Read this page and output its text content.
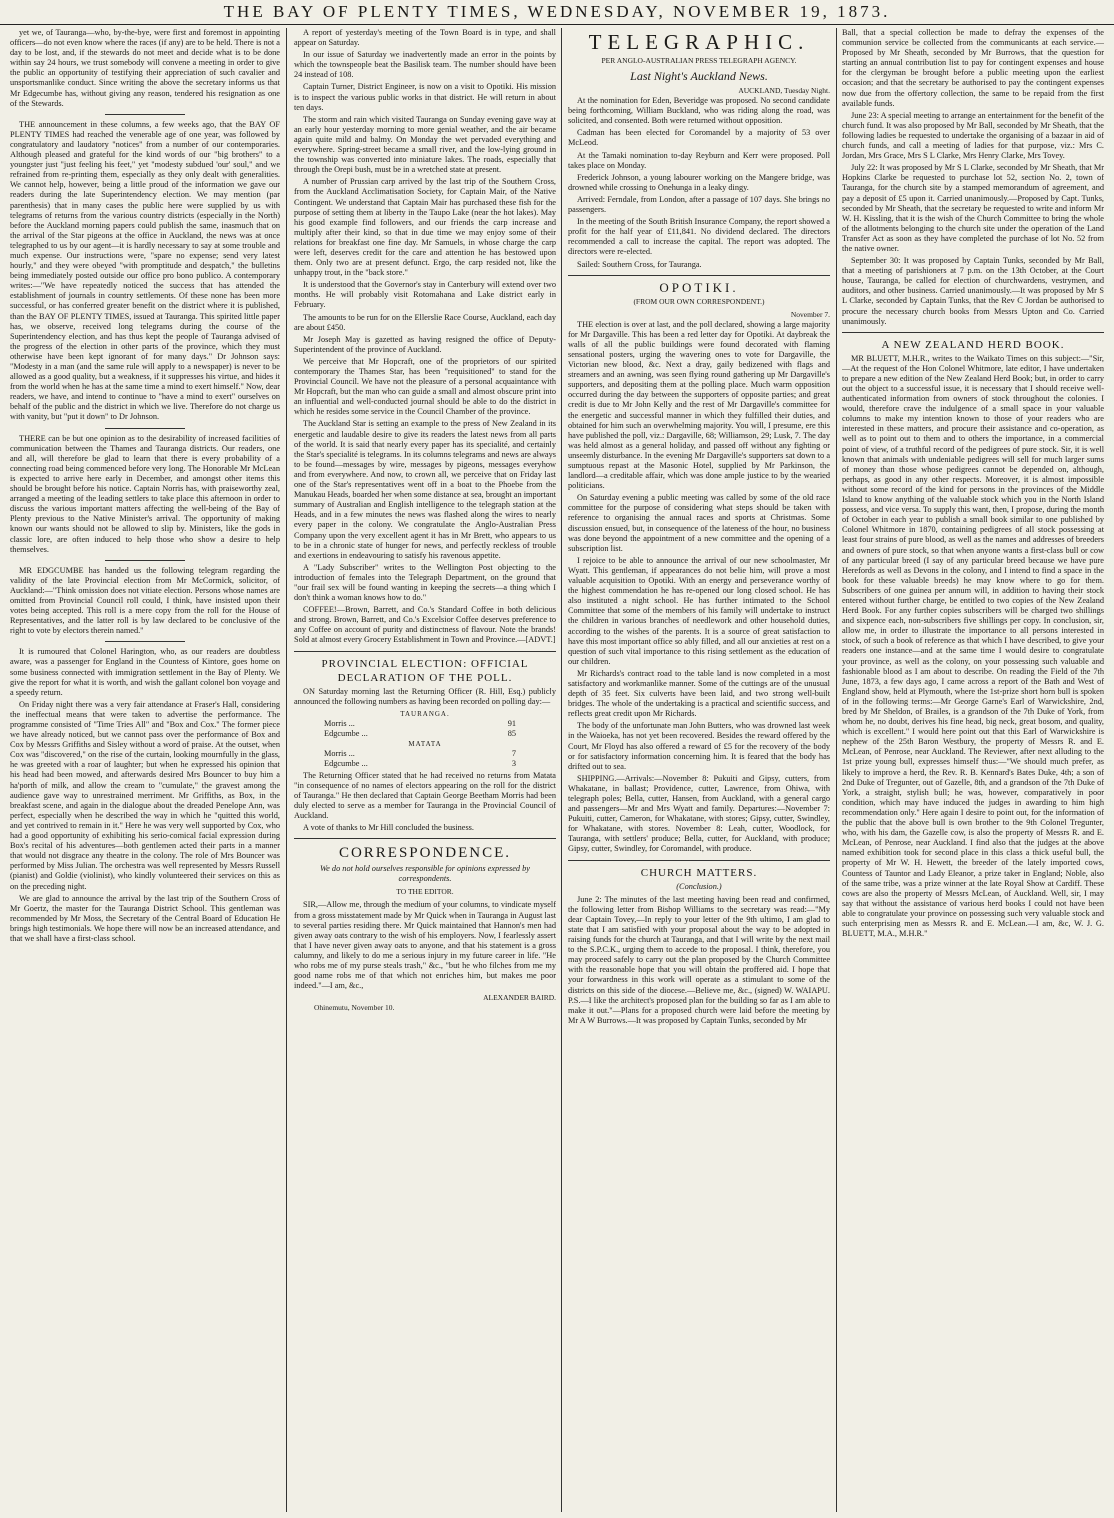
THE BAY OF PLENTY TIMES, WEDNESDAY, NOVEMBER 19, 1873.

yet we, of Tauranga—who, by-the-bye, were first and foremost in appointing officers—do not even know where the races (if any) are to be held. There is not a day to be lost, and, if the stewards do not meet and decide what is to be done within say 24 hours, we trust somebody will convene a meeting in order to give the public an opportunity of testifying their appreciation of such cavalier and unsportsmanlike conduct. Since writing the above the secretary informs us that Mr Edgecumbe has, without giving any reason, tendered his resignation as one of the Stewards.

THE announcement in these columns, a few weeks ago, that the BAY OF PLENTY TIMES had reached the venerable age of one year, was followed by congratulatory and laudatory "notices" from a number of our contemporaries. Although pleased and grateful for the kind words of our "big brothers" to a youngster just "just feeling his feet," yet "modesty subdued 'our' soul," and we refrained from re-printing them, especially as they only dealt with generalities. We cannot help, however, being a little proud of the information we gave our readers during the late Superintendency election. We may mention (par parenthesis) that in many cases the public here were supplied by us with telegrams of returns from the various country districts (especially in the North) before the Auckland morning papers could publish the same, inasmuch that on the arrival of the Star pigeons at the office in Auckland, the news was at once telegraphed to us by our agent—it is hardly necessary to say at some trouble and much expense. Our instructions were, "spare no expense; send very latest hourly," and they were obeyed "with promptitude and despatch," the bulletins being immediately posted outside our office pro bono publico. A contemporary writes:—"We have repeatedly noticed the success that has attended the establishment of journals in country settlements. Of these none has been more successful, or has conferred greater benefit on the district where it is published, than the BAY OF PLENTY TIMES, issued at Tauranga. This spirited little paper has, we observe, received long telegrams during the course of the Superintendency election, and has thus kept the people of Tauranga advised of the progress of the election in other parts of the province, which they must otherwise have been kept ignorant of for many days." Dr Johnson says: "Modesty in a man (and the same rule will apply to a newspaper) is never to be allowed as a good quality, but a weakness, if it suppresses his virtue, and hides it from the world when he has at the same time a mind to exert himself." Now, dear readers, we have, and intend to continue to "have a mind to exert" ourselves on behalf of the public and the district in which we live. Therefore do not charge us with vanity, but "put it down" to Dr Johnson.

THERE can be but one opinion as to the desirability of increased facilities of communication between the Thames and Tauranga districts. Our readers, one and all, will therefore be glad to learn that there is every probability of a connecting road being commenced before very long. The Honorable Mr McLean is expected to arrive here early in December, and amongst other items this should be brought before his notice. Captain Norris has, with praiseworthy zeal, arranged a meeting of the leading settlers to take place this afternoon in order to discuss the various important matters affecting the well-being of the Bay of Plenty previous to the Native Minister's arrival. The opportunity of making known our wants should not be allowed to slip by. Ministers, like the gods in classic lore, are often induced to help those who show a desire to help themselves.

MR EDGCUMBE has handed us the following telegram regarding the validity of the late Provincial election from Mr McCormick, solicitor, of Auckland:—"Think omission does not vitiate election. Persons whose names are omitted from Provincial Council roll could, I think, have insisted upon their votes being accepted. This roll is a mere copy from the roll for the House of Representatives, and the latter roll is by law declared to be conclusive of the right to vote by electors therein named."

It is rumoured that Colonel Harington, who, as our readers are doubtless aware, was a passenger for England in the Countess of Kintore, goes home on some business connected with immigration settlement in the Bay of Plenty. We give the report for what it is worth, and wish the gallant colonel bon voyage and a speedy return.

On Friday night there was a very fair attendance at Fraser's Hall, considering the ineffectual means that were taken to advertise the performance. The programme consisted of "Time Tries All" and "Box and Cox." The former piece we have already noticed, but we cannot pass over the performance of Box and Cox by Messrs Griffiths and Sisley without a word of praise. At the outset, when Cox was "discovered," on the rise of the curtain, looking mournfully in the glass, he was greeted with a roar of laughter; but when he expressed his opinion that his head had been mowed, and afterwards desired Mrs Bouncer to buy him a ha'porth of milk, and allow the cream to "cumulate," the gravest among the audience gave way to unrestrained merriment. Mr Griffiths, as Box, in the breakfast scene, and again in the dialogue about the dreaded Penelope Ann, was perfect, especially when he described the way in which he "quitted this world, and yet contrived to remain in it." Here he was very well supported by Cox, who had a good opportunity of exhibiting his serio-comical facial expression during Box's recital of his adventures—both gentlemen acted their parts in a manner that would not disgrace any theatre in the colony. The role of Mrs Bouncer was performed by Miss Julian. The orchestra was well represented by Messrs Russell (pianist) and Goldie (violinist), who kindly volunteered their services on this as on the preceding night.

We are glad to announce the arrival by the last trip of the Southern Cross of Mr Goertz, the master for the Tauranga District School. This gentleman was recommended by Mr Moss, the Secretary of the Central Board of Education He brings high testimonials. We hope there will now be an increased attendance, and that we shall have a first-class school.

A report of yesterday's meeting of the Town Board is in type, and shall appear on Saturday.

In our issue of Saturday we inadvertently made an error in the points by which the townspeople beat the Basilisk team. The number should have been 24 instead of 108.

Captain Turner, District Engineer, is now on a visit to Opotiki. His mission is to inspect the various public works in that district. He will return in about ten days.

The storm and rain which visited Tauranga on Sunday evening gave way at an early hour yesterday morning to more genial weather, and the air became again quite mild and balmy. On Monday the wet pervaded everything and everywhere. Spring-street became a small river, and the low-lying ground in the township was converted into miniature lakes. The roads, especially that through the Orepi bush, must be in a wretched state at present.

A number of Prussian carp arrived by the last trip of the Southern Cross, from the Auckland Acclimatisation Society, for Captain Mair, of the Native Contingent. We understand that Captain Mair has purchased these fish for the purpose of setting them at liberty in the Taupo Lake (near the hot lakes). May his good example find followers, and our friends the carp increase and multiply after their kind, so that in due time we may enjoy some of their relations for breakfast one fine day. Mr Samuels, in whose charge the carp were left, deserves credit for the care and attention he has bestowed upon them. Only two are at present defunct. Ergo, the carp resided not, like the unhappy trout, in the "back store."

It is understood that the Governor's stay in Canterbury will extend over two months. He will probably visit Rotomahana and Lake district early in February.

The amounts to be run for on the Ellerslie Race Course, Auckland, each day are about £450.

Mr Joseph May is gazetted as having resigned the office of Deputy-Superintendent of the province of Auckland.

We perceive that Mr Hopcraft, one of the proprietors of our spirited contemporary the Thames Star, has been "requisitioned" to stand for the Provincial Council. We have not the pleasure of a personal acquaintance with Mr Hopcraft, but the man who can guide a small and almost obscure print into an influential and well-conducted journal should be able to do the district in which he resides some service in the Council Chamber of the province.

The Auckland Star is setting an example to the press of New Zealand in its energetic and laudable desire to give its readers the latest news from all parts of the world. It is said that nearly every paper has its specialité, and certainly the Star's specialité is telegrams. In its columns telegrams and news are always to be found—messages by wire, messages by pigeons, messages everyhow and from everywhere. And now, to crown all, we perceive that on Friday last one of the Star's representatives went off in a boat to the Phoebe from the Manukau Heads, boarded her when some distance at sea, brought an important summary of Australian and English intelligence to the telegraph station at the Heads, and in a few minutes the news was flashed along the wires to nearly every paper in the colony. We congratulate the Anglo-Australian Press Company upon the very excellent agent it has in Mr Brett, who appears to us to be in a chronic state of hunger for news, and perfectly reckless of trouble and exertions in endeavouring to satisfy his ravenous appetite.

A "Lady Subscriber" writes to the Wellington Post objecting to the introduction of females into the Telegraph Department, on the ground that "our frail sex will be found wanting in keeping the secrets—a thing which I don't think a woman knows how to do."

COFFEE!—Brown, Barrett, and Co.'s Standard Coffee in both delicious and strong. Brown, Barrett, and Co.'s Excelsior Coffee deserves preference to any Coffee on account of purity and distinctness of flavour. Note the brands! Sold at almost every Grocery Establishment in Town and Province.—[ADVT.]

PROVINCIAL ELECTION: OFFICIAL DECLARATION OF THE POLL.

ON Saturday morning last the Returning Officer (R. Hill, Esq.) publicly announced the following numbers as having been recorded on polling day:—

TAURANGA.	
Morris ...	91
Edgcumbe ...	85
MATATA	
Morris ...	7
Edgcumbe ...	3

The Returning Officer stated that he had received no returns from Matata "in consequence of no names of electors appearing on the roll for the district of Tauranga." He then declared that Captain George Beetham Morris had been duly elected to serve as a member for Tauranga in the Provincial Council of Auckland.

A vote of thanks to Mr Hill concluded the business.

CORRESPONDENCE.
We do not hold ourselves responsible for opinions expressed by correspondents.
TO THE EDITOR.

SIR,—Allow me, through the medium of your columns, to vindicate myself from a gross misstatement made by Mr Quick when in Tauranga in August last to several parties residing there. Mr Quick maintained that Hannon's men had given away oats contrary to the wish of his employers. Now, I fearlessly assert that I have never given away oats to anyone, and that his statement is a gross calumny, and likely to do me a serious injury in my future career in life. "He who robs me of my purse steals trash," &c., "but he who filches from me my good name robs me of that which not enriches him, but makes me poor indeed."—I am, &c.,

ALEXANDER BAIRD.
Ohinemutu, November 10.
TELEGRAPHIC.
PER ANGLO-AUSTRALIAN PRESS TELEGRAPH AGENCY.
Last Night's Auckland News.
AUCKLAND, Tuesday Night.

At the nomination for Eden, Beveridge was proposed. No second candidate being forthcoming, William Buckland, who was riding along the road, was solicited, and consented. Both were returned without opposition.

Cadman has been elected for Coromandel by a majority of 53 over McLeod.

At the Tamaki nomination to-day Reyburn and Kerr were proposed. Poll takes place on Monday.

Frederick Johnson, a young labourer working on the Mangere bridge, was drowned while crossing to Onehunga in a leaky dingy.

Arrived: Ferndale, from London, after a passage of 107 days. She brings no passengers.

In the meeting of the South British Insurance Company, the report showed a profit for the half year of £11,841. No dividend declared. The directors recommended a call to increase the capital. The report was adopted. The directors were re-elected.

Sailed: Southern Cross, for Tauranga.

OPOTIKI.
(FROM OUR OWN CORRESPONDENT.)
November 7.

THE election is over at last, and the poll declared, showing a large majority for Mr Dargaville. This has been a red letter day for Opotiki. At daybreak the walls of all the public buildings were found decorated with flaming sensational posters, urging the wavering ones to vote for Dargaville, the Victorian new blood, &c. Next a dray, gaily bedizened with flags and streamers and an awning, was seen flying round gathering up Mr Dargaville's supporters, and depositing them at the polling place. Much warm opposition occurred during the day between the supporters of opposite parties; and great credit is due to Mr John Kelly and the rest of Mr Dargaville's committee for the energetic and successful manner in which they fulfilled their duties, and obtained for him such an overwhelming majority. You will, I presume, ere this have published the poll, viz.: Dargaville, 68; Williamson, 29; Lusk, 7. The day was held almost as a general holiday, and passed off without any fighting or unseemly disturbance. In the evening Mr Dargaville's supporters sat down to a sumptuous repast at the Masonic Hotel, supplied by Mr Parkinson, the landlord—a creditable affair, which was done ample justice to by the wearied politicians.

On Saturday evening a public meeting was called by some of the old race committee for the purpose of considering what steps should be taken with reference to organising the annual races and sports at Christmas. Some discussion ensued, but, in consequence of the lateness of the hour, no business was done beyond the appointment of a new committee and the opening of a subscription list.

I rejoice to be able to announce the arrival of our new schoolmaster, Mr Wyatt. This gentleman, if appearances do not belie him, will prove a most valuable acquisition to Opotiki. With an energy and perseverance worthy of the highest commendation he has re-opened our long closed school. He has also instituted a night school. He has further intimated to the School Committee that some of the members of his family will undertake to instruct the children in various branches of needlework and other household duties, according to the wishes of the parents. It is a source of great satisfaction to have this most important office so ably filled, and all our anxieties at rest on a question of such vital importance to this rising settlement as the education of our children.

Mr Richards's contract road to the table land is now completed in a most satisfactory and workmanlike manner. Some of the cuttings are of the unusual depth of 35 feet. Six culverts have been laid, and two strong well-built bridges. The whole of the undertaking is a practical and scientific success, and reflects great credit upon Mr Richards.

The body of the unfortunate man John Butters, who was drowned last week in the Waioeka, has not yet been recovered. Besides the reward offered by the Court, Mr Floyd has also offered a reward of £5 for the recovery of the body or for satisfactory information concerning him. It is feared that the body has drifted out to sea.

SHIPPING.—Arrivals:—November 8: Pukuiti and Gipsy, cutters, from Whakatane, in ballast; Providence, cutter, Lawrence, from Ohiwa, with telegraph poles; Bella, cutter, Hansen, from Auckland, with a general cargo and passengers—Mr and Mrs Wyatt and family. Departures:—November 7: Pukuiti, cutter, Cameron, for Whakatane, with stores; Gipsy, cutter, Swindley, for Whakatane, with stores. November 8: Leah, cutter, Woodlock, for Tauranga, with settlers' produce; Bella, cutter, for Auckland, with produce; Gipsy, cutter, Swindley, for Coromandel, with produce.

CHURCH MATTERS.
(Conclusion.)

June 2: The minutes of the last meeting having been read and confirmed, the following letter from Bishop Williams to the secretary was read:—"My dear Captain Tovey,—In reply to your letter of the 9th ultimo, I am glad to state that I am satisfied with your proposal about the way to be adopted in raising funds for the church at Tauranga, and that I will write by the next mail to the S.P.C.K., urging them to accede to the proposal. I think, therefore, you may proceed safely to carry out the plan proposed by the Church Committee with the reasonable hope that you will obtain the proffered aid. I hope that your forwardness in this work will operate as a stimulant to some of the districts on this side of the diocese.—Believe me, &c., (signed) W. WAIAPU. P.S.—I like the architect's proposed plan for the building so far as I am able to make it out."—Plans for a proposed church were laid before the meeting by Mr A W Burrows.—It was proposed by Captain Tunks, seconded by Mr

Ball, that a special collection be made to defray the expenses of the communion service be collected from the communicants at each service.—Proposed by Mr Sheath, seconded by Mr Burrows, that the question for starting an annual contribution list to pay for contingent expenses and house for the clergyman be brought before a public meeting upon the earliest occasion; and that the secretary be authorised to pay the contingent expenses now due from the offertory collection, the same to be repaid from the first available funds.

June 23: A special meeting to arrange an entertainment for the benefit of the church fund. It was also proposed by Mr Ball, seconded by Mr Sheath, that the following ladies be requested to undertake the organising of a bazaar in aid of church funds, and call a meeting of ladies for that purpose, viz.: Mrs C. Jordan, Mrs Grace, Mrs S L Clarke, Mrs Henry Clarke, Mrs Tovey.

July 22: It was proposed by Mr S L Clarke, seconded by Mr Sheath, that Mr Hopkins Clarke be requested to purchase lot 52, section No. 2, town of Tauranga, for the church site by a stamped memorandum of agreement, and pay a deposit of £5 upon it. Carried unanimously.—Proposed by Capt. Tunks, seconded by Mr Sheath, that the secretary be requested to write and inform Mr W. H. Kissling, that it is the wish of the Church Committee to bring the whole of the allotments belonging to the church site under the operation of the Land Transfer Act as soon as they have completed the purchase of lot No. 52 from the native owner.

September 30: It was proposed by Captain Tunks, seconded by Mr Ball, that a meeting of parishioners at 7 p.m. on the 13th October, at the Court house, Tauranga, be called for election of churchwardens, vestrymen, and auditors, and other business. Carried unanimously.—It was proposed by Mr S L Clarke, seconded by Captain Tunks, that the Rev C Jordan be authorised to procure the necessary church books from Messrs Upton and Co. Carried unanimously.

A NEW ZEALAND HERD BOOK.

MR BLUETT, M.H.R., writes to the Waikato Times on this subject:—"Sir,—At the request of the Hon Colonel Whitmore, late editor, I have undertaken to prepare a new edition of the New Zealand Herd Book; but, in order to carry out the object to a successful issue, it is necessary that I should receive well-authenticated information from owners of stock throughout the colonies. I would, therefore crave the indulgence of a small space in your valuable columns to make my intention known to those of your readers who are interested in these matters, and procure their assistance and co-operation, as well as to point out to them and to others the importance, in a commercial point of view, of a truthful record of the pedigrees of pure stock. Sir, it is well known that animals with undeniable pedigrees will sell for much larger sums of money than those whose pedigrees cannot be depended on, although, perhaps, as good in any other respects. Moreover, it is almost impossible without some record of the kind for persons in the provinces of the Middle Island to know anything of the valuable stock which you in the North Island possess, and vice versa. To supply this want, then, I propose, during the month of October in each year to publish a small book similar to one published by Colonel Whitmore in 1870, containing pedigrees of all stock possessing at least four strains of pure blood, as well as the names and addresses of breeders and owners of pure stock, so that when anyone wants a first-class bull or cow of any particular breed (I say of any particular breed because we have pure Herefords as well as Devons in the colony, and I intend to find a space in the book for these valuable breeds) he may know where to go for them. Subscribers of one guinea per annum will, in addition to having their stock entered without further charge, be entitled to two copies of the New Zealand Herd Book. For any further copies subscribers will be charged two shillings and sixpence each, non-subscribers five shillings per copy. In conclusion, sir, allow me, in order to illustrate the importance to all persons interested in stock, of such a book of reference as that which I have described, to give your readers one instance—and at the same time I would desire to congratulate your province, as well as the colony, on your possessing such valuable and fashionable blood as I am about to describe. On reading the Field of the 7th June, 1873, a few days ago, I came across a report of the Bath and West of England show, held at Plymouth, where the 1st-prize short horn bull is spoken of in the following terms:—Mr George Garne's Earl of Warwickshire, 2nd, bred by Mr Sheldon, of Brailes, is a grandson of the 7th Duke of York, from whom he, no doubt, derives his fine head, big neck, great bosom, and quality, which is excellent." I would here point out that this Earl of Warwickshire is nephew of the 25th Baron Westbury, the property of Messrs R. and E. McLean, of Penrose, near Auckland. The Reviewer, after next alluding to the 1st prize young bull, expresses himself thus:—"We should much prefer, as likely to improve a herd, the Rev. R. B. Kennard's Bates Duke, 4th; a son of 2nd Duke of Tregunter, out of Gazelle, 8th, and a grandson of the 7th Duke of York, a straight, stylish bull; he was, however, comparatively in poor condition, which may have induced the judges in awarding to him high recommendation only." Here again I desire to point out, for the information of the public that the above bull is own brother to the 9th Colonel Tregunter, who, with his dam, the Gazelle cow, is also the property of Messrs R. and E. McLean, of Penrose, near Auckland. I find also that the judges at the above named exhibition took for second place in this class a thick useful bull, the property of Mr W. H. Hewett, the breeder of the lately imported cows, Countess of Tauntor and Lady Eleanor, a prize taker in England; Noble, also of the same tribe, was a prize winner at the late Royal Show at Cardiff. These cows are also the property of Messrs McLean, of Auckland. Well, sir, I may say that without the assistance of various herd books I could not have been able to congratulate your province on possessing such very valuable stock and such enterprising men as Messrs R. and E. McLean.—I am, &c, W. J. G. BLUETT, M.A., M.H.R."
